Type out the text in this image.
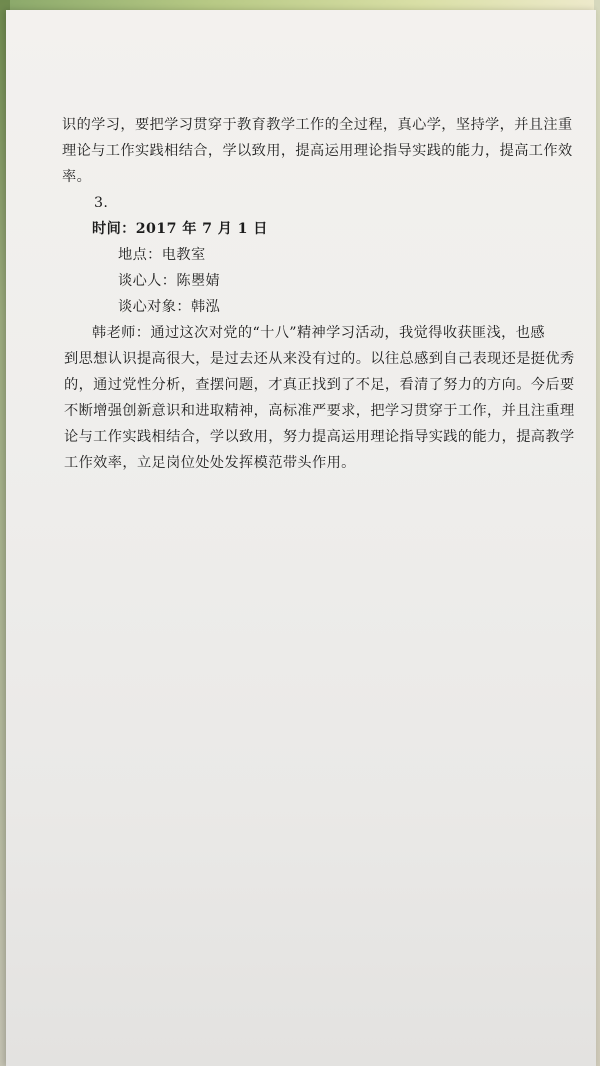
识的学习，要把学习贯穿于教育教学工作的全过程，真心学，坚持学，并且注重
理论与工作实践相结合，学以致用，提高运用理论指导实践的能力，提高工作效
率。
3.
时间：2017 年 7 月 1 日
地点：电教室
谈心人：陈瞾婧
谈心对象：韩泓
韩老师：通过这次对党的“十八”精神学习活动，我觉得收获匪浅，也感
到思想认识提高很大，是过去还从来没有过的。以往总感到自己表现还是挺优秀
的，通过党性分析，查摆问题，才真正找到了不足，看清了努力的方向。今后要
不断增强创新意识和进取精神，高标准严要求，把学习贯穿于工作，并且注重理
论与工作实践相结合，学以致用，努力提高运用理论指导实践的能力，提高教学
工作效率，立足岗位处处发挥模范带头作用。
